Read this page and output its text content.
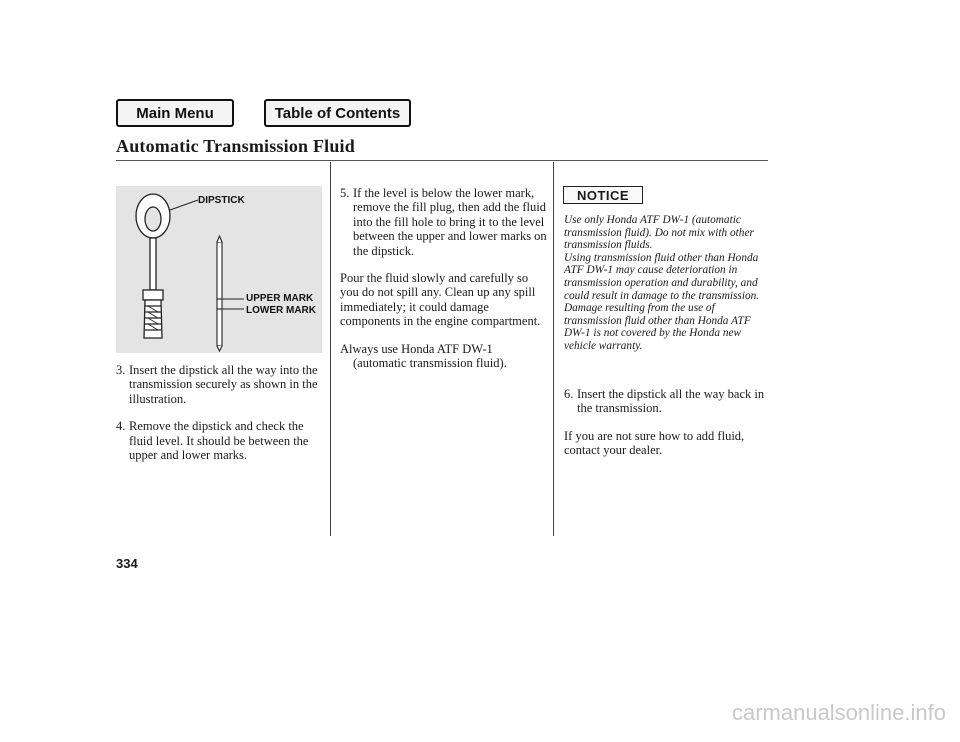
Main Menu	Table of Contents
Automatic Transmission Fluid
DIPSTICK
UPPER MARK
LOWER MARK
3. Insert the dipstick all the way into the transmission securely as shown in the illustration.
4. Remove the dipstick and check the fluid level. It should be between the upper and lower marks.
5. If the level is below the lower mark, remove the fill plug, then add the fluid into the fill hole to bring it to the level between the upper and lower marks on the dipstick.

Pour the fluid slowly and carefully so you do not spill any. Clean up any spill immediately; it could damage components in the engine compartment.

Always use Honda ATF DW-1

(automatic transmission fluid).

NOTICE

Use only Honda ATF DW-1 (automatic transmission fluid). Do not mix with other transmission fluids.

Using transmission fluid other than Honda ATF DW-1 may cause deterioration in transmission operation and durability, and could result in damage to the transmission.

Damage resulting from the use of transmission fluid other than Honda ATF DW-1 is not covered by the Honda new vehicle warranty.

6. Insert the dipstick all the way back in the transmission.

If you are not sure how to add fluid, contact your dealer.

334
carmanualsonline.info
